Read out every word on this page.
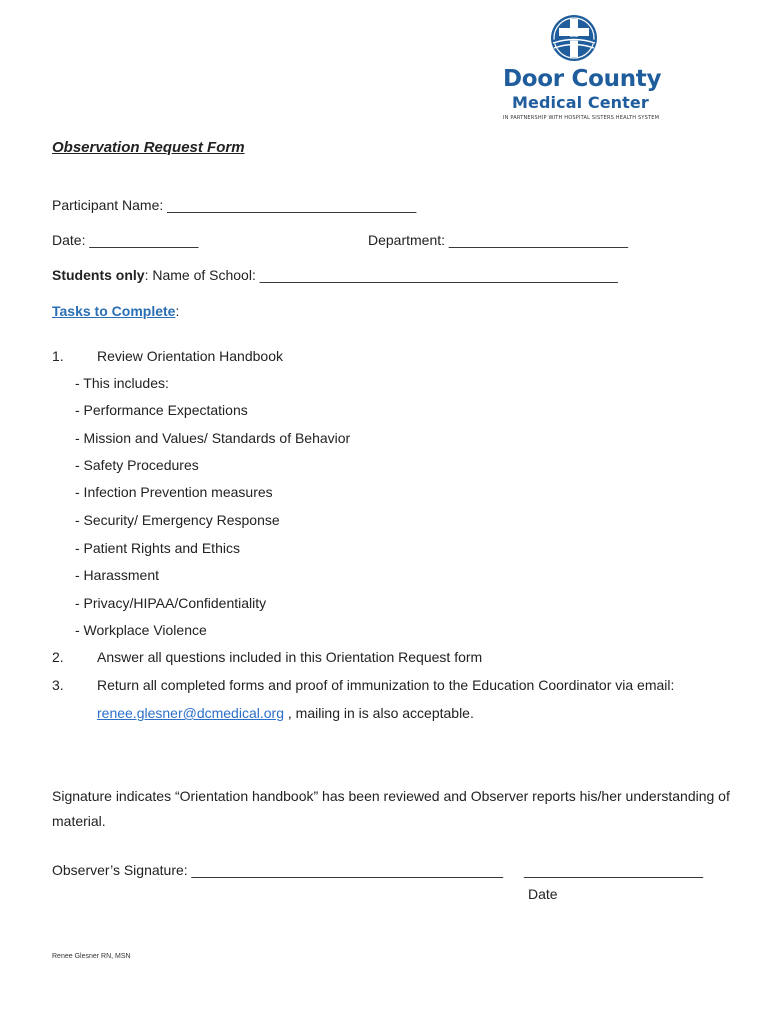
Door County
Medical Center
IN PARTNERSHIP WITH HOSPITAL SISTERS HEALTH SYSTEM
Observation Request Form
Participant Name: ________________________________
Date: ______________	Department: _______________________
Students only: Name of School: ______________________________________________
Tasks to Complete:
1. Review Orientation Handbook
- This includes:
- Performance Expectations
- Mission and Values/ Standards of Behavior
- Safety Procedures
- Infection Prevention measures
- Security/ Emergency Response
- Patient Rights and Ethics
- Harassment
- Privacy/HIPAA/Confidentiality
- Workplace Violence
2. Answer all questions included in this Orientation Request form
3. Return all completed forms and proof of immunization to the Education Coordinator via email:
renee.glesner@dcmedical.org , mailing in is also acceptable.
Signature indicates “Orientation handbook” has been reviewed and Observer reports his/her understanding of
material.
Observer’s Signature: ________________________________________ _______________________
Date
Renee Glesner RN, MSN
